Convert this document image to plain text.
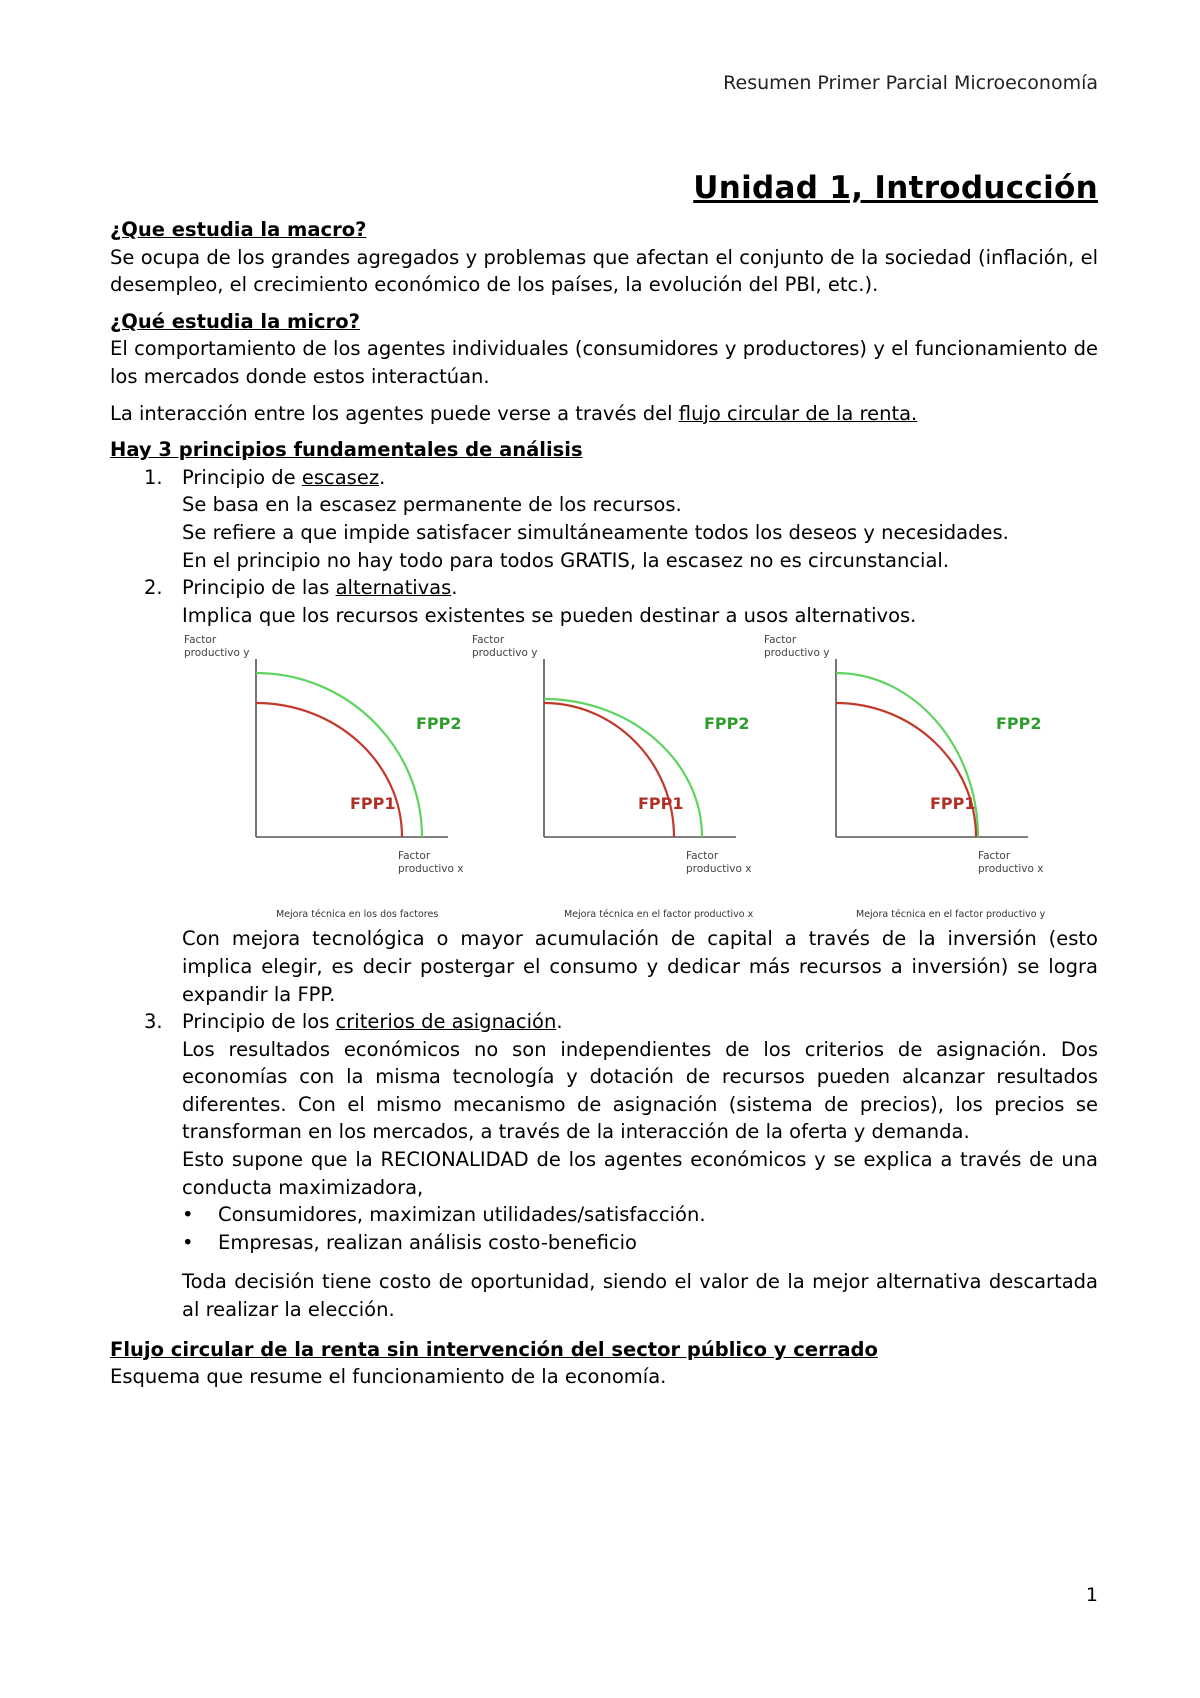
Resumen Primer Parcial Microeconomía
Unidad 1, Introducción

¿Que estudia la macro?

Se ocupa de los grandes agregados y problemas que afectan el conjunto de la sociedad (inflación, el desempleo, el crecimiento económico de los países, la evolución del PBI, etc.).

¿Qué estudia la micro?

El comportamiento de los agentes individuales (consumidores y productores) y el funcionamiento de los mercados donde estos interactúan.

La interacción entre los agentes puede verse a través del flujo circular de la renta.

Hay 3 principios fundamentales de análisis

1. Principio de escasez.

Se basa en la escasez permanente de los recursos.

Se refiere a que impide satisfacer simultáneamente todos los deseos y necesidades.

En el principio no hay todo para todos GRATIS, la escasez no es circunstancial.

2. Principio de las alternativas.

Implica que los recursos existentes se pueden destinar a usos alternativos.

Factor
productivo y
Factor
productivo x
FPP2
FPP1
Mejora técnica en los dos factores
Factor
productivo y
Factor
productivo x
FPP2
FPP1
Mejora técnica en el factor productivo x
Factor
productivo y
Factor
productivo x
FPP2
FPP1
Mejora técnica en el factor productivo y

Con mejora tecnológica o mayor acumulación de capital a través de la inversión (esto implica elegir, es decir postergar el consumo y dedicar más recursos a inversión) se logra expandir la FPP.

3. Principio de los criterios de asignación.

Los resultados económicos no son independientes de los criterios de asignación. Dos economías con la misma tecnología y dotación de recursos pueden alcanzar resultados diferentes. Con el mismo mecanismo de asignación (sistema de precios), los precios se transforman en los mercados, a través de la interacción de la oferta y demanda.

Esto supone que la RECIONALIDAD de los agentes económicos y se explica a través de una conducta maximizadora,

• Consumidores, maximizan utilidades/satisfacción.
• Empresas, realizan análisis costo-beneficio

Toda decisión tiene costo de oportunidad, siendo el valor de la mejor alternativa descartada al realizar la elección.

Flujo circular de la renta sin intervención del sector público y cerrado

Esquema que resume el funcionamiento de la economía.

1
